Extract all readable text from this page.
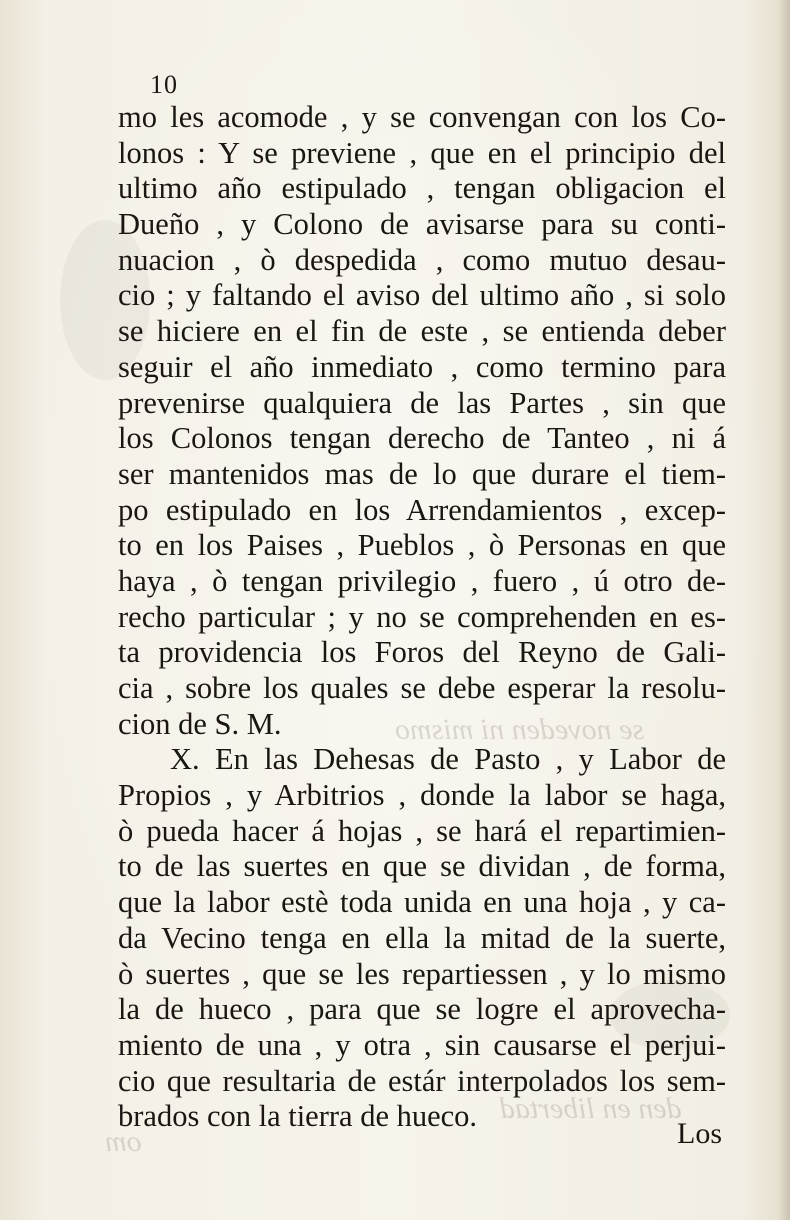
se noveden ni mismo
den en libertad
om
10
mo les acomode , y se convengan con los Co-
lonos : Y se previene , que en el principio del
ultimo año estipulado , tengan obligacion el
Dueño , y Colono de avisarse para su conti-
nuacion , ò despedida , como mutuo desau-
cio ; y faltando el aviso del ultimo año , si solo
se hiciere en el fin de este , se entienda deber
seguir el año inmediato , como termino para
prevenirse qualquiera de las Partes , sin que
los Colonos tengan derecho de Tanteo , ni á
ser mantenidos mas de lo que durare el tiem-
po estipulado en los Arrendamientos , excep-
to en los Paises , Pueblos , ò Personas en que
haya , ò tengan privilegio , fuero , ú otro de-
recho particular ; y no se comprehenden en es-
ta providencia los Foros del Reyno de Gali-
cia , sobre los quales se debe esperar la resolu-
cion de S. M.
X. En las Dehesas de Pasto , y Labor de
Propios , y Arbitrios , donde la labor se haga,
ò pueda hacer á hojas , se hará el repartimien-
to de las suertes en que se dividan , de forma,
que la labor estè toda unida en una hoja , y ca-
da Vecino tenga en ella la mitad de la suerte,
ò suertes , que se les repartiessen , y lo mismo
la de hueco , para que se logre el aprovecha-
miento de una , y otra , sin causarse el perjui-
cio que resultaria de estár interpolados los sem-
brados con la tierra de hueco.
Los
